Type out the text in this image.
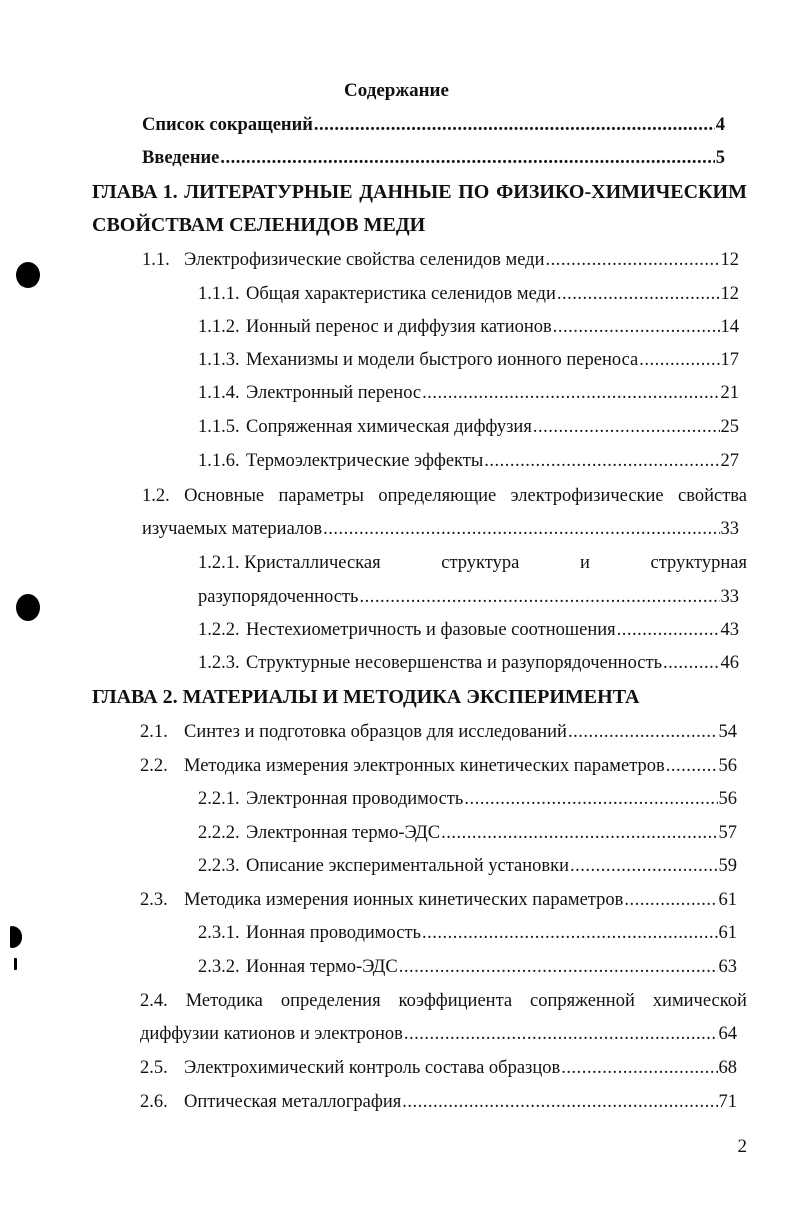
Содержание
Список сокращений .....	4
Введение .....	5
ГЛАВА 1. ЛИТЕРАТУРНЫЕ ДАННЫЕ ПО ФИЗИКО-ХИМИЧЕСКИМ
СВОЙСТВАМ СЕЛЕНИДОВ МЕДИ
1.1. Электрофизические свойства селенидов меди .....	12
1.1.1. Общая характеристика селенидов меди .....	12
1.1.2. Ионный перенос и диффузия катионов .....	14
1.1.3. Механизмы и модели быстрого ионного переноса .....	17
1.1.4. Электронный перенос .....	21
1.1.5. Сопряженная химическая диффузия .....	25
1.1.6. Термоэлектрические эффекты .....	27
1.2. Основные параметры определяющие электрофизические свойства
изучаемых материалов .....	33
1.2.1. Кристаллическая	структура	и	структурная
разупорядоченность .....	33
1.2.2. Нестехиометричность и фазовые соотношения .....	43
1.2.3. Структурные несовершенства и разупорядоченность .....	46
ГЛАВА 2. МАТЕРИАЛЫ И МЕТОДИКА ЭКСПЕРИМЕНТА
2.1. Синтез и подготовка образцов для исследований .....	54
2.2. Методика измерения электронных кинетических параметров .....	56
2.2.1. Электронная проводимость .....	56
2.2.2. Электронная термо-ЭДС .....	57
2.2.3. Описание экспериментальной установки .....	59
2.3. Методика измерения ионных кинетических параметров .....	61
2.3.1. Ионная проводимость .....	61
2.3.2. Ионная термо-ЭДС .....	63
2.4. Методика определения коэффициента сопряженной химической
диффузии катионов и электронов .....	64
2.5. Электрохимический контроль состава образцов .....	68
2.6. Оптическая металлография .....	71
2
